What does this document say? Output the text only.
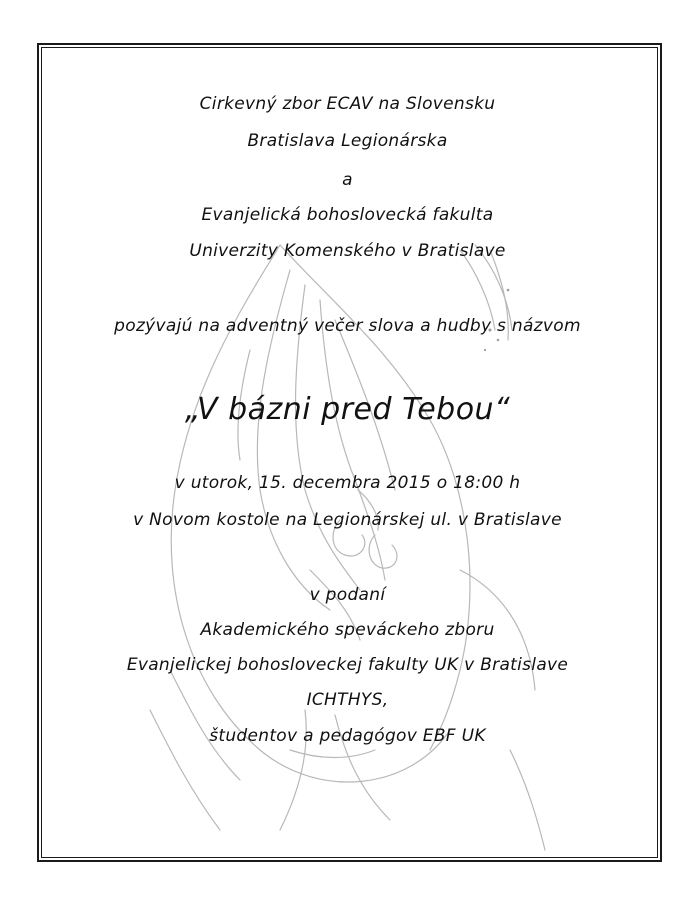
Cirkevný zbor ECAV na Slovensku
Bratislava Legionárska
a
Evanjelická bohoslovecká fakulta
Univerzity Komenského v Bratislave
pozývajú na adventný večer slova a hudby s názvom
„V bázni pred Tebou“
v utorok, 15. decembra 2015 o 18:00 h
v Novom kostole na Legionárskej ul. v Bratislave
v podaní
Akademického speváckeho zboru
Evanjelickej bohosloveckej fakulty UK v Bratislave
ICHTHYS,
študentov a pedagógov EBF UK
